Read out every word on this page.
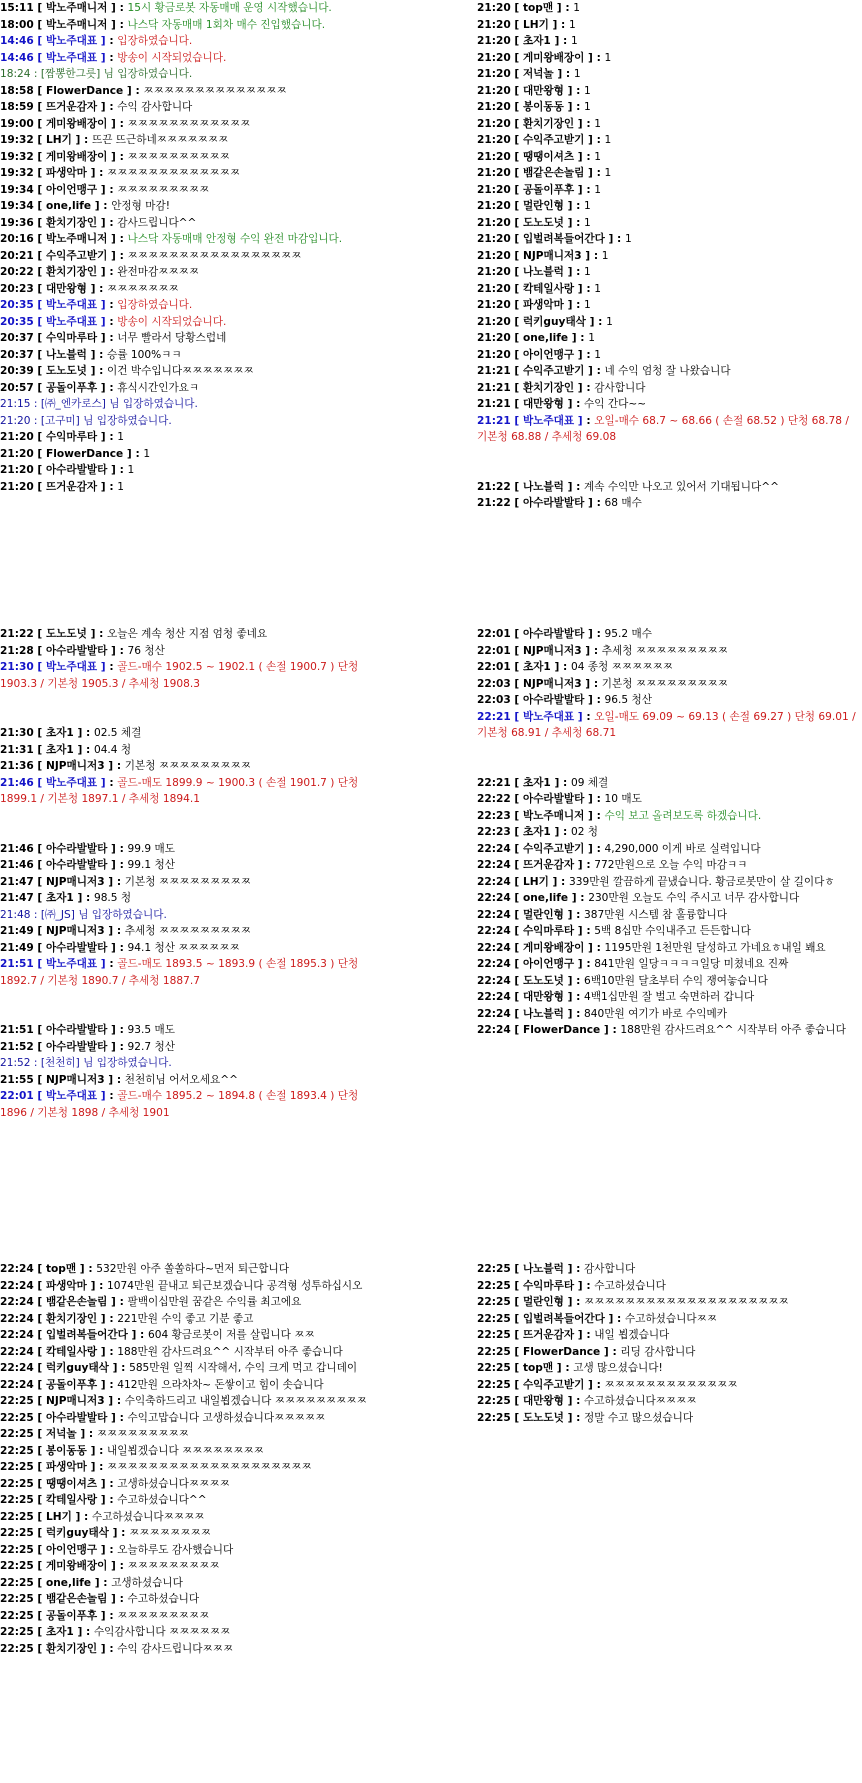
15:11 [ 박노주매니저 ] : 15시 황금로봇 자동매매 운영 시작했습니다.
18:00 [ 박노주매니저 ] : 나스닥 자동매매 1회차 매수 진입했습니다.
14:46 [ 박노주대표 ] : 입장하였습니다.
14:46 [ 박노주대표 ] : 방송이 시작되었습니다.
18:24 : [짬뽕한그릇] 님 입장하였습니다.
18:58 [ FlowerDance ] : ㅉㅉㅉㅉㅉㅉㅉㅉㅉㅉㅉㅉㅉㅉ
18:59 [ 뜨거운감자 ] : 수익 감사합니다
19:00 [ 게미왕배장이 ] : ㅉㅉㅉㅉㅉㅉㅉㅉㅉㅉㅉㅉ
19:32 [ LH기 ] : 뜨끈 뜨근하네ㅉㅉㅉㅉㅉㅉㅉ
19:32 [ 게미왕배장이 ] : ㅉㅉㅉㅉㅉㅉㅉㅉㅉㅉ
19:32 [ 파생악마 ] : ㅉㅉㅉㅉㅉㅉㅉㅉㅉㅉㅉㅉㅉ
19:34 [ 아이언맹구 ] : ㅉㅉㅉㅉㅉㅉㅉㅉㅉ
19:34 [ one,life ] : 안정형 마감!
19:36 [ 환치기장인 ] : 감사드립니다^^
20:16 [ 박노주매니저 ] : 나스닥 자동매매 안정형 수익 완전 마감입니다.
20:21 [ 수익주고받기 ] : ㅉㅉㅉㅉㅉㅉㅉㅉㅉㅉㅉㅉㅉㅉㅉㅉㅉ
20:22 [ 환치기장인 ] : 완전마감ㅉㅉㅉㅉ
20:23 [ 대만왕형 ] : ㅉㅉㅉㅉㅉㅉㅉ
20:35 [ 박노주대표 ] : 입장하였습니다.
20:35 [ 박노주대표 ] : 방송이 시작되었습니다.
20:37 [ 수익마루타 ] : 너무 빨라서 당황스럽네
20:37 [ 나노블럭 ] : 승률 100%ㅋㅋ
20:39 [ 도노도넛 ] : 이건 박수입니다ㅉㅉㅉㅉㅉㅉㅉ
20:57 [ 공돌이푸후 ] : 휴식시간인가요ㅋ
21:15 : [㈜_엔카로스] 님 입장하였습니다.
21:20 : [고구미] 님 입장하였습니다.
21:20 [ 수익마루타 ] : 1
21:20 [ FlowerDance ] : 1
21:20 [ 아수라발발타 ] : 1
21:20 [ 뜨거운감자 ] : 1
21:20 [ top맨 ] : 1
21:20 [ LH기 ] : 1
21:20 [ 초자1 ] : 1
21:20 [ 게미왕배장이 ] : 1
21:20 [ 저넉놀 ] : 1
21:20 [ 대만왕형 ] : 1
21:20 [ 봉이동동 ] : 1
21:20 [ 환치기장인 ] : 1
21:20 [ 수익주고받기 ] : 1
21:20 [ 땡땡이셔츠 ] : 1
21:20 [ 뱀같은손놀림 ] : 1
21:20 [ 공돌이푸후 ] : 1
21:20 [ 멀란인형 ] : 1
21:20 [ 도노도넛 ] : 1
21:20 [ 입벌려복들어간다 ] : 1
21:20 [ NJP매니저3 ] : 1
21:20 [ 나노블럭 ] : 1
21:20 [ 칵테일사랑 ] : 1
21:20 [ 파생악마 ] : 1
21:20 [ 럭키guy태삭 ] : 1
21:20 [ one,life ] : 1
21:20 [ 아이언맹구 ] : 1
21:21 [ 수익주고받기 ] : 네 수익 엄청 잘 나왔습니다
21:21 [ 환치기장인 ] : 감사합니다
21:21 [ 대만왕형 ] : 수익 간다~~
21:21 [ 박노주대표 ] : 오일-매수 68.7 ~ 68.66 ( 손절 68.52 ) 단청 68.78 / 기본청 68.88 / 추세청 69.08
21:22 [ 나노블럭 ] : 계속 수익만 나오고 있어서 기대됩니다^^
21:22 [ 아수라발발타 ] : 68 매수
21:22 [ 도노도넛 ] : 오늘은 계속 청산 지점 엄청 좋네요
21:28 [ 아수라발발타 ] : 76 청산
21:30 [ 박노주대표 ] : 골드-매수 1902.5 ~ 1902.1 ( 손절 1900.7 ) 단청 1903.3 / 기본청 1905.3 / 추세청 1908.3
21:30 [ 초자1 ] : 02.5 체결
21:31 [ 초자1 ] : 04.4 청
21:36 [ NJP매니저3 ] : 기본청 ㅉㅉㅉㅉㅉㅉㅉㅉㅉ
21:46 [ 박노주대표 ] : 골드-매도 1899.9 ~ 1900.3 ( 손절 1901.7 ) 단청 1899.1 / 기본청 1897.1 / 추세청 1894.1
21:46 [ 아수라발발타 ] : 99.9 매도
21:46 [ 아수라발발타 ] : 99.1 청산
21:47 [ NJP매니저3 ] : 기본청 ㅉㅉㅉㅉㅉㅉㅉㅉㅉ
21:47 [ 초자1 ] : 98.5 청
21:48 : [㈜_JS] 님 입장하였습니다.
21:49 [ NJP매니저3 ] : 추세청 ㅉㅉㅉㅉㅉㅉㅉㅉㅉ
21:49 [ 아수라발발타 ] : 94.1 청산 ㅉㅉㅉㅉㅉㅉ
21:51 [ 박노주대표 ] : 골드-매도 1893.5 ~ 1893.9 ( 손절 1895.3 ) 단청 1892.7 / 기본청 1890.7 / 추세청 1887.7
21:51 [ 아수라발발타 ] : 93.5 매도
21:52 [ 아수라발발타 ] : 92.7 청산
21:52 : [천천히] 님 입장하였습니다.
21:55 [ NJP매니저3 ] : 천천히님 어서오세요^^
22:01 [ 박노주대표 ] : 골드-매수 1895.2 ~ 1894.8 ( 손절 1893.4 ) 단청 1896 / 기본청 1898 / 추세청 1901
22:01 [ 아수라발발타 ] : 95.2 매수
22:01 [ NJP매니저3 ] : 추세청 ㅉㅉㅉㅉㅉㅉㅉㅉㅉ
22:01 [ 초자1 ] : 04 종청 ㅉㅉㅉㅉㅉㅉ
22:03 [ NJP매니저3 ] : 기본청 ㅉㅉㅉㅉㅉㅉㅉㅉㅉ
22:03 [ 아수라발발타 ] : 96.5 청산
22:21 [ 박노주대표 ] : 오일-매도 69.09 ~ 69.13 ( 손절 69.27 ) 단청 69.01 / 기본청 68.91 / 추세청 68.71
22:21 [ 초자1 ] : 09 체결
22:22 [ 아수라발발타 ] : 10 매도
22:23 [ 박노주매니저 ] : 수익 보고 올려보도록 하겠습니다.
22:23 [ 초자1 ] : 02 청
22:24 [ 수익주고받기 ] : 4,290,000 이게 바로 실력입니다
22:24 [ 뜨거운감자 ] : 772만원으로 오늘 수익 마감ㅋㅋ
22:24 [ LH기 ] : 339만원 깔끔하게 끝냈습니다. 황금로봇만이 살 길이다ㅎ
22:24 [ one,life ] : 230만원 오늘도 수익 주시고 너무 감사합니다
22:24 [ 멀란인형 ] : 387만원 시스템 참 훌륭합니다
22:24 [ 수익마루타 ] : 5백 8십만 수익내주고 든든합니다
22:24 [ 게미왕배장이 ] : 1195만원 1천만원 달성하고 가네요ㅎ내일 봬요
22:24 [ 아이언맹구 ] : 841만원 일당ㅋㅋㅋㅋ일당 미쳤네요 진짜
22:24 [ 도노도넛 ] : 6백10만원 달초부터 수익 쟁여놓습니다
22:24 [ 대만왕형 ] : 4백1십만원 잘 벌고 숙면하러 갑니다
22:24 [ 나노블럭 ] : 840만원 여기가 바로 수익메카
22:24 [ FlowerDance ] : 188만원 감사드려요^^ 시작부터 아주 좋습니다
22:24 [ top맨 ] : 532만원 아주 쏠쏠하다~먼저 퇴근합니다
22:24 [ 파생악마 ] : 1074만원 끝내고 퇴근보겠습니다 공격형 성투하십시오
22:24 [ 뱀같은손놀림 ] : 팔백이십만원 꿈같은 수익률 최고에요
22:24 [ 환치기장인 ] : 221만원 수익 좋고 기분 좋고
22:24 [ 입벌려복들어간다 ] : 604 황금로봇이 저를 살립니다 ㅉㅉ
22:24 [ 칵테일사랑 ] : 188만원 감사드려요^^ 시작부터 아주 좋습니다
22:24 [ 럭키guy태삭 ] : 585만원 일찍 시작해서, 수익 크게 먹고 갑니데이
22:24 [ 공돌이푸후 ] : 412만원 으라차차~ 돈쌓이고 힘이 솟습니다
22:25 [ NJP매니저3 ] : 수익축하드리고 내일뵙겠습니다 ㅉㅉㅉㅉㅉㅉㅉㅉㅉ
22:25 [ 아수라발발타 ] : 수익고맙습니다 고생하셨습니다ㅉㅉㅉㅉㅉ
22:25 [ 저넉놀 ] : ㅉㅉㅉㅉㅉㅉㅉㅉㅉ
22:25 [ 봉이동동 ] : 내일뵙겠습니다 ㅉㅉㅉㅉㅉㅉㅉㅉ
22:25 [ 파생악마 ] : ㅉㅉㅉㅉㅉㅉㅉㅉㅉㅉㅉㅉㅉㅉㅉㅉㅉㅉㅉㅉ
22:25 [ 땡땡이셔츠 ] : 고생하셨습니다ㅉㅉㅉㅉ
22:25 [ 칵테일사랑 ] : 수고하셨습니다^^
22:25 [ LH기 ] : 수고하셨습니다ㅉㅉㅉㅉ
22:25 [ 럭키guy태삭 ] : ㅉㅉㅉㅉㅉㅉㅉㅉ
22:25 [ 아이언맹구 ] : 오늘하루도 감사했습니다
22:25 [ 게미왕배장이 ] : ㅉㅉㅉㅉㅉㅉㅉㅉㅉ
22:25 [ one,life ] : 고생하셨습니다
22:25 [ 뱀같은손놀림 ] : 수고하셨습니다
22:25 [ 공돌이푸후 ] : ㅉㅉㅉㅉㅉㅉㅉㅉㅉ
22:25 [ 초자1 ] : 수익감사합니다 ㅉㅉㅉㅉㅉㅉ
22:25 [ 환치기장인 ] : 수익 감사드립니다ㅉㅉㅉ
22:25 [ 나노블럭 ] : 감사합니다
22:25 [ 수익마루타 ] : 수고하셨습니다
22:25 [ 멀란인형 ] : ㅉㅉㅉㅉㅉㅉㅉㅉㅉㅉㅉㅉㅉㅉㅉㅉㅉㅉㅉㅉ
22:25 [ 입벌려복들어간다 ] : 수고하셨습니다ㅉㅉ
22:25 [ 뜨거운감자 ] : 내일 뵙겠습니다
22:25 [ FlowerDance ] : 리딩 감사합니다
22:25 [ top맨 ] : 고생 많으셨습니다!
22:25 [ 수익주고받기 ] : ㅉㅉㅉㅉㅉㅉㅉㅉㅉㅉㅉㅉㅉ
22:25 [ 대만왕형 ] : 수고하셨습니다ㅉㅉㅉㅉ
22:25 [ 도노도넛 ] : 정말 수고 많으셨습니다
